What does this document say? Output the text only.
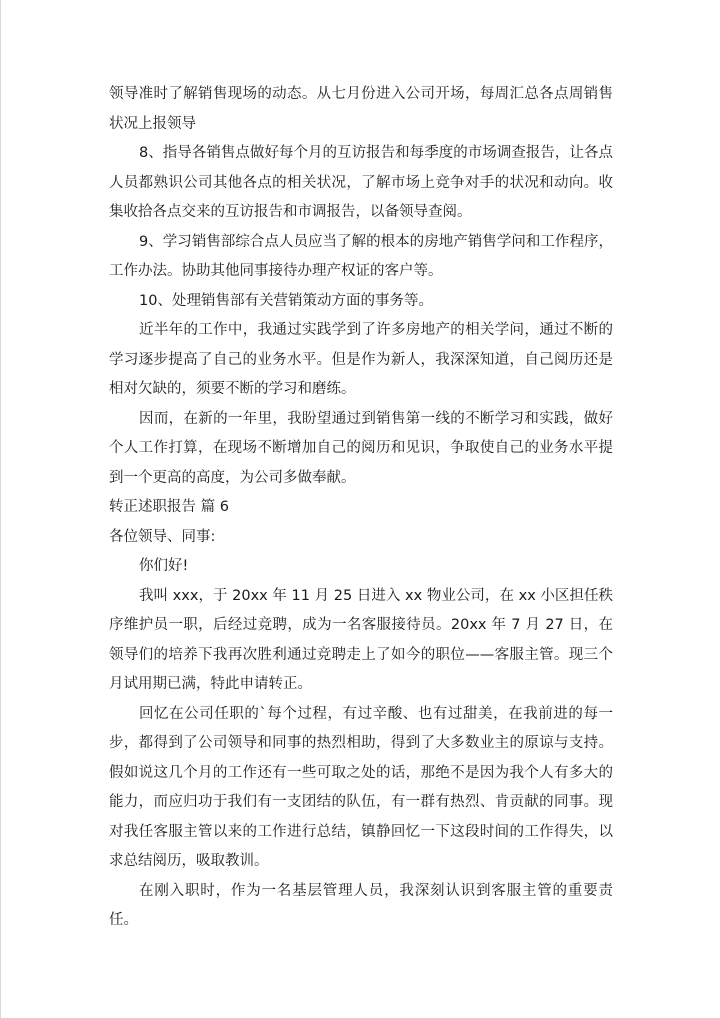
领导准时了解销售现场的动态。从七月份进入公司开场，每周汇总各点周销售状况上报领导

8、指导各销售点做好每个月的互访报告和每季度的市场调查报告，让各点人员都熟识公司其他各点的相关状况，了解市场上竞争对手的状况和动向。收集收拾各点交来的互访报告和市调报告，以备领导查阅。

9、学习销售部综合点人员应当了解的根本的房地产销售学问和工作程序，工作办法。协助其他同事接待办理产权证的客户等。

10、处理销售部有关营销策动方面的事务等。

近半年的工作中，我通过实践学到了许多房地产的相关学问，通过不断的学习逐步提高了自己的业务水平。但是作为新人，我深深知道，自己阅历还是相对欠缺的，须要不断的学习和磨练。

因而，在新的一年里，我盼望通过到销售第一线的不断学习和实践，做好个人工作打算，在现场不断增加自己的阅历和见识，争取使自己的业务水平提到一个更高的高度，为公司多做奉献。

转正述职报告 篇 6

各位领导、同事:

你们好!

我叫 xxx，于 20xx 年 11 月 25 日进入 xx 物业公司，在 xx 小区担任秩序维护员一职，后经过竞聘，成为一名客服接待员。20xx 年 7 月 27 日，在领导们的培养下我再次胜利通过竞聘走上了如今的职位——客服主管。现三个月试用期已满，特此申请转正。

回忆在公司任职的`每个过程，有过辛酸、也有过甜美，在我前进的每一步，都得到了公司领导和同事的热烈相助，得到了大多数业主的原谅与支持。假如说这几个月的工作还有一些可取之处的话，那绝不是因为我个人有多大的能力，而应归功于我们有一支团结的队伍，有一群有热烈、肯贡献的同事。现对我任客服主管以来的工作进行总结，镇静回忆一下这段时间的工作得失，以求总结阅历，吸取教训。

在刚入职时，作为一名基层管理人员，我深刻认识到客服主管的重要责任。
